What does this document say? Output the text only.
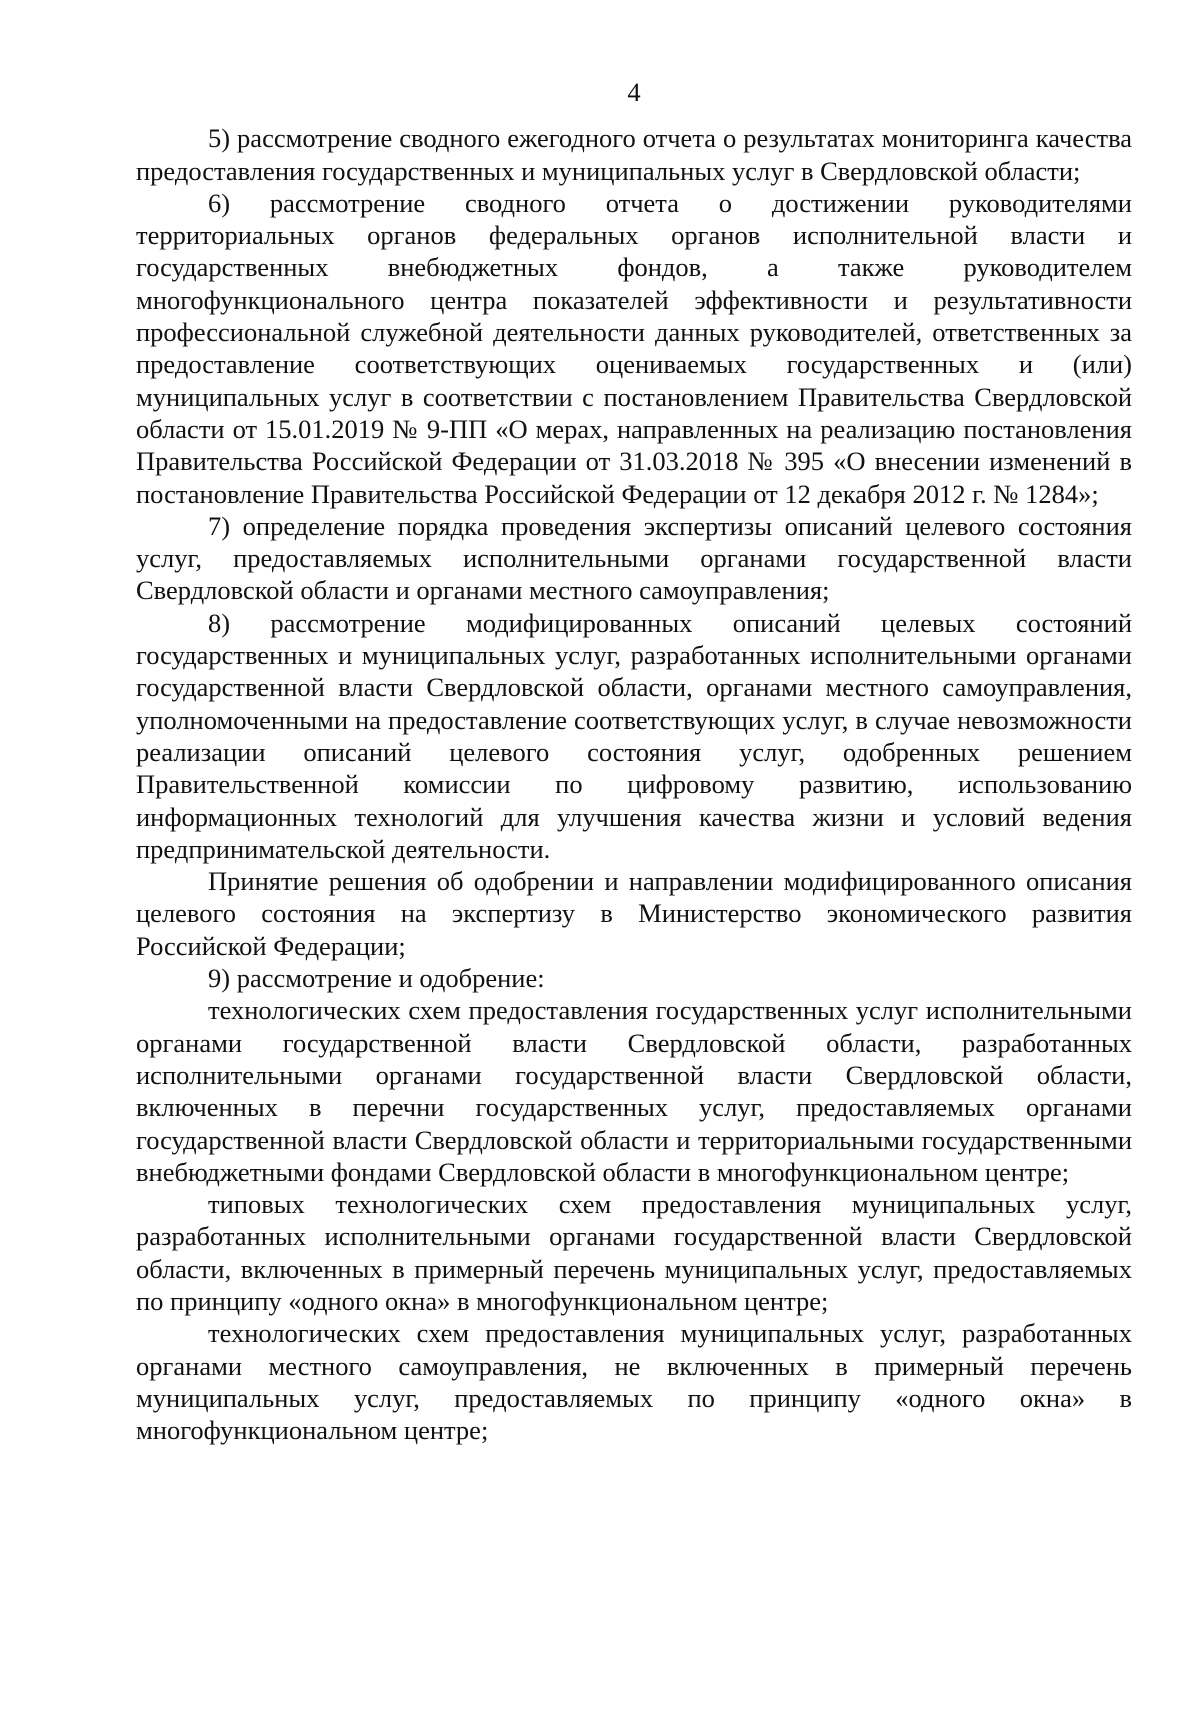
4

5) рассмотрение сводного ежегодного отчета о результатах мониторинга качества предоставления государственных и муниципальных услуг в Свердловской области;

6) рассмотрение сводного отчета о достижении руководителями территориальных органов федеральных органов исполнительной власти и государственных внебюджетных фондов, а также руководителем многофункционального центра показателей эффективности и результативности профессиональной служебной деятельности данных руководителей, ответственных за предоставление соответствующих оцениваемых государственных и (или) муниципальных услуг в соответствии с постановлением Правительства Свердловской области от 15.01.2019 № 9-ПП «О мерах, направленных на реализацию постановления Правительства Российской Федерации от 31.03.2018 № 395 «О внесении изменений в постановление Правительства Российской Федерации от 12 декабря 2012 г. № 1284»;

7) определение порядка проведения экспертизы описаний целевого состояния услуг, предоставляемых исполнительными органами государственной власти Свердловской области и органами местного самоуправления;

8) рассмотрение модифицированных описаний целевых состояний государственных и муниципальных услуг, разработанных исполнительными органами государственной власти Свердловской области, органами местного самоуправления, уполномоченными на предоставление соответствующих услуг, в случае невозможности реализации описаний целевого состояния услуг, одобренных решением Правительственной комиссии по цифровому развитию, использованию информационных технологий для улучшения качества жизни и условий ведения предпринимательской деятельности.

Принятие решения об одобрении и направлении модифицированного описания целевого состояния на экспертизу в Министерство экономического развития Российской Федерации;

9) рассмотрение и одобрение:

технологических схем предоставления государственных услуг исполнительными органами государственной власти Свердловской области, разработанных исполнительными органами государственной власти Свердловской области, включенных в перечни государственных услуг, предоставляемых органами государственной власти Свердловской области и территориальными государственными внебюджетными фондами Свердловской области в многофункциональном центре;

типовых технологических схем предоставления муниципальных услуг, разработанных исполнительными органами государственной власти Свердловской области, включенных в примерный перечень муниципальных услуг, предоставляемых по принципу «одного окна» в многофункциональном центре;

технологических схем предоставления муниципальных услуг, разработанных органами местного самоуправления, не включенных в примерный перечень муниципальных услуг, предоставляемых по принципу «одного окна» в многофункциональном центре;
